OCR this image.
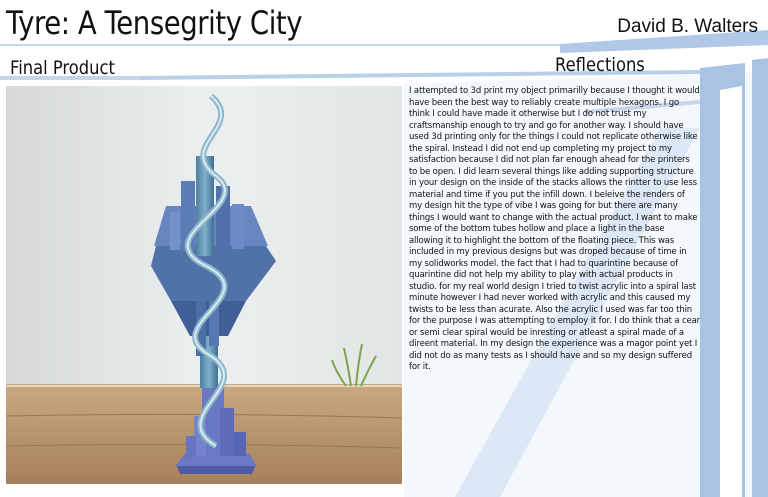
Tyre: A Tensegrity City	David B. Walters
Final Product	Reflections

I attempted to 3d print my object primarilly because I thought it would have been the best way to reliably create multiple hexagons. I go think I could have made it otherwise but I do not trust my craftsmanship enough to try and go for another way. I should have used 3d printing only for the things I could not replicate otherwise like the spiral. Instead I did not end up completing my project to my satisfaction because I did not plan far enough ahead for the printers to be open. I did learn several things like adding supporting structure in your design on the inside of the stacks allows the rintter to use less material and time if you put the infill down. I beleive the renders of my design hit the type of vibe I was going for but there are many things I would want to change with the actual product. I want to make some of the bottom tubes hollow and place a light in the base allowing it to highlight the bottom of the floating piece. This was included in my previous designs but was droped because of time in my solidworks model. the fact that I had to quarintine because of quarintine did not help my ability to play with actual products in studio. for my real world design I tried to twist acrylic into a spiral last minute however I had never worked with acrylic and this caused my twists to be less than acurate. Also the acrylic I used was far too thin for the purpose I was attempting to employ it for. I do think that a cear or semi clear spiral would be inresting or atleast a spiral made of a direent material. In my design the experience was a magor point yet I did not do as many tests as I should have and so my design suffered for it.
